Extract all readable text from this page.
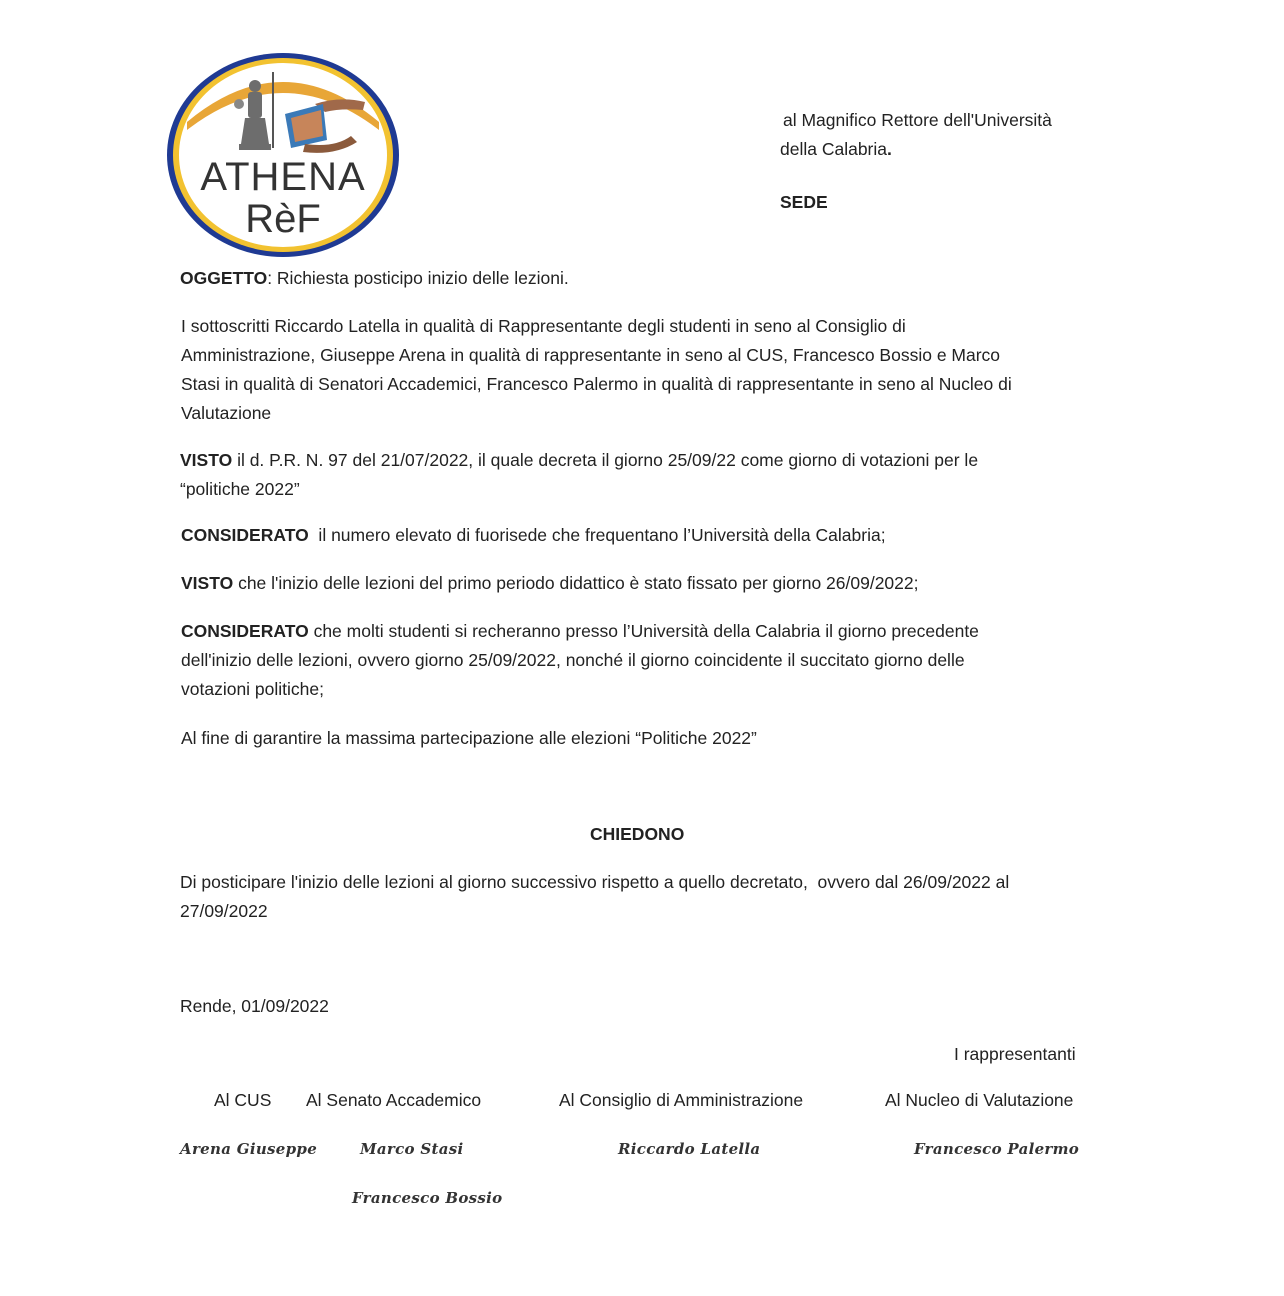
ATHENA
RèF
al Magnifico Rettore dell'Università
della Calabria.
SEDE
OGGETTO: Richiesta posticipo inizio delle lezioni.
I sottoscritti Riccardo Latella in qualità di Rappresentante degli studenti in seno al Consiglio di
Amministrazione, Giuseppe Arena in qualità di rappresentante in seno al CUS, Francesco Bossio e Marco
Stasi in qualità di Senatori Accademici, Francesco Palermo in qualità di rappresentante in seno al Nucleo di
Valutazione
VISTO il d. P.R. N. 97 del 21/07/2022, il quale decreta il giorno 25/09/22 come giorno di votazioni per le
“politiche 2022”
CONSIDERATO  il numero elevato di fuorisede che frequentano l’Università della Calabria;
VISTO che l'inizio delle lezioni del primo periodo didattico è stato fissato per giorno 26/09/2022;
CONSIDERATO che molti studenti si recheranno presso l’Università della Calabria il giorno precedente
dell'inizio delle lezioni, ovvero giorno 25/09/2022, nonché il giorno coincidente il succitato giorno delle
votazioni politiche;
Al fine di garantire la massima partecipazione alle elezioni “Politiche 2022”
CHIEDONO
Di posticipare l'inizio delle lezioni al giorno successivo rispetto a quello decretato,  ovvero dal 26/09/2022 al
27/09/2022
Rende, 01/09/2022
I rappresentanti
Al CUS Al Senato Accademico	Al Consiglio di Amministrazione	Al Nucleo di Valutazione
Arena Giuseppe	Marco Stasi	Riccardo Latella	Francesco Palermo
Francesco Bossio
